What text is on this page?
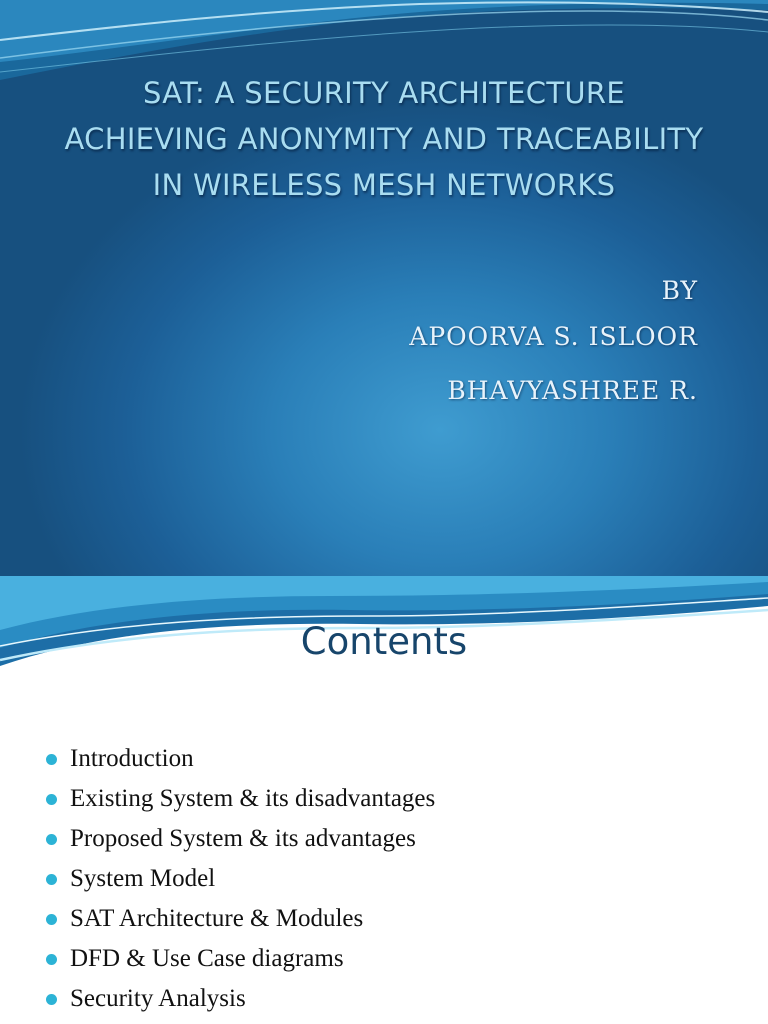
SAT: A SECURITY ARCHITECTURE ACHIEVING ANONYMITY AND TRACEABILITY IN WIRELESS MESH NETWORKS

BY

APOORVA S. ISLOOR

BHAVYASHREE R.

Contents
Introduction
Existing System & its disadvantages
Proposed System & its advantages
System Model
SAT Architecture & Modules
DFD & Use Case diagrams
Security Analysis
